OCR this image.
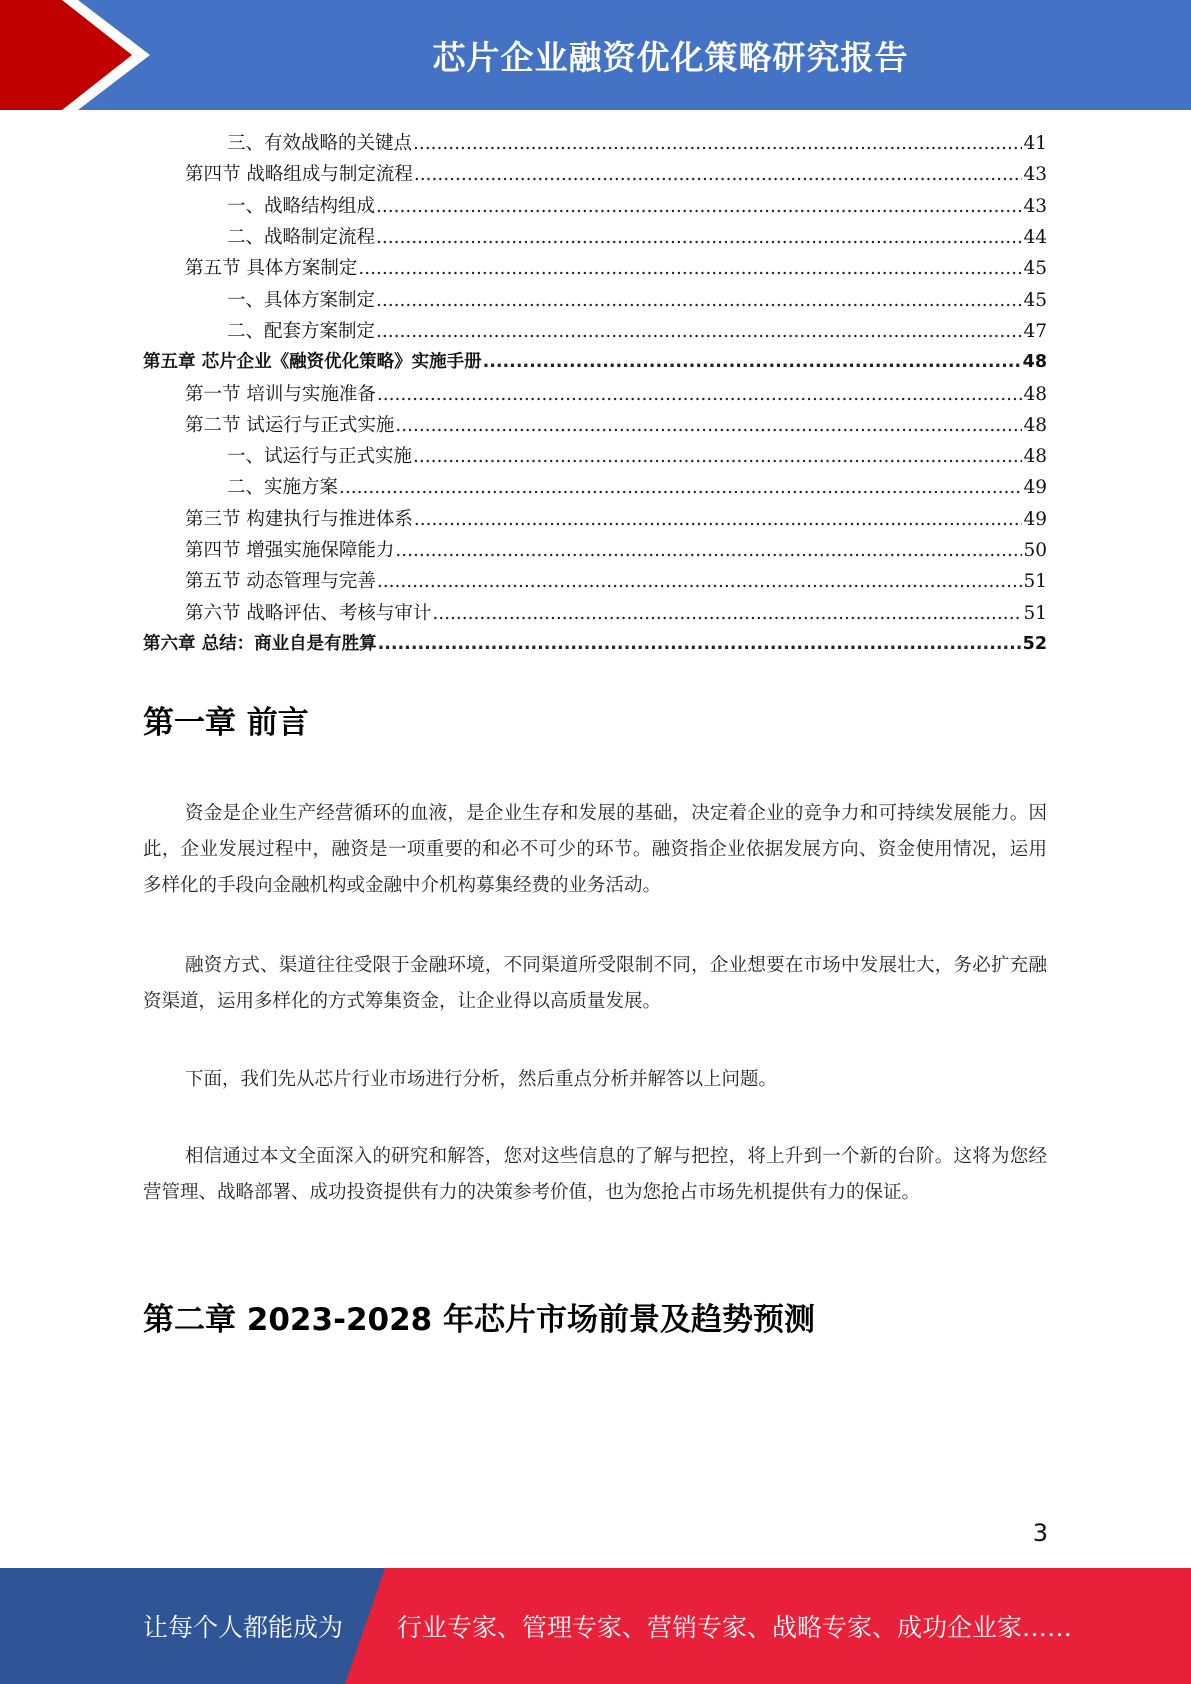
芯片企业融资优化策略研究报告
三、有效战略的关键点 .....	41
第四节 战略组成与制定流程 .....	43
一、战略结构组成 .....	43
二、战略制定流程 .....	44
第五节 具体方案制定 .....	45
一、具体方案制定 .....	45
二、配套方案制定 .....	47
第五章 芯片企业《融资优化策略》实施手册 .....	48
第一节 培训与实施准备 .....	48
第二节 试运行与正式实施 .....	48
一、试运行与正式实施 .....	48
二、实施方案 .....	49
第三节 构建执行与推进体系 .....	49
第四节 增强实施保障能力 .....	50
第五节 动态管理与完善 .....	51
第六节 战略评估、考核与审计 .....	51
第六章 总结：商业自是有胜算 .....	52
第一章 前言

资金是企业生产经营循环的血液，是企业生存和发展的基础，决定着企业的竞争力和可持续发展能力。因此，企业发展过程中，融资是一项重要的和必不可少的环节。融资指企业依据发展方向、资金使用情况，运用多样化的手段向金融机构或金融中介机构募集经费的业务活动。

融资方式、渠道往往受限于金融环境，不同渠道所受限制不同，企业想要在市场中发展壮大，务必扩充融资渠道，运用多样化的方式筹集资金，让企业得以高质量发展。

下面，我们先从芯片行业市场进行分析，然后重点分析并解答以上问题。

相信通过本文全面深入的研究和解答，您对这些信息的了解与把控，将上升到一个新的台阶。这将为您经营管理、战略部署、成功投资提供有力的决策参考价值，也为您抢占市场先机提供有力的保证。

第二章 2023-2028 年芯片市场前景及趋势预测
3
让每个人都能成为 行业专家、管理专家、营销专家、战略专家、成功企业家……
